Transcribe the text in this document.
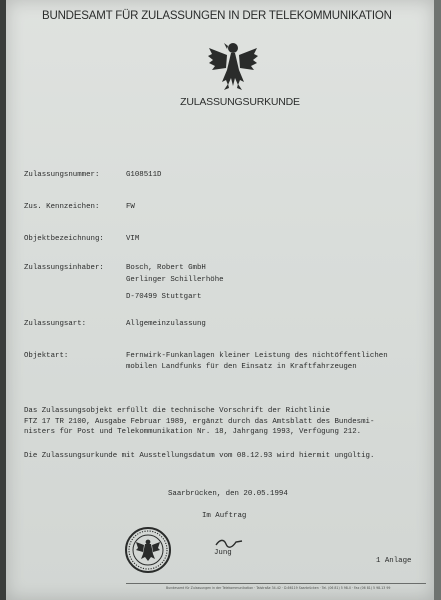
BUNDESAMT FÜR ZULASSUNGEN IN DER TELEKOMMUNIKATION
ZULASSUNGSURKUNDE
Zulassungsnummer:	G108511D
Zus. Kennzeichen:	FW
Objektbezeichnung:	VIM
Zulassungsinhaber:	Bosch, Robert GmbH
Gerlinger Schillerhöhe
D-70499 Stuttgart
Zulassungsart:	Allgemeinzulassung
Objektart:	Fernwirk-Funkanlagen kleiner Leistung des nichtöffentlichen
mobilen Landfunks für den Einsatz in Kraftfahrzeugen
Das Zulassungsobjekt erfüllt die technische Vorschrift der Richtlinie
FTZ 17 TR 2100, Ausgabe Februar 1989, ergänzt durch das Amtsblatt des Bundesmi-
nisters für Post und Telekommunikation Nr. 18, Jahrgang 1993, Verfügung 212.
Die Zulassungsurkunde mit Ausstellungsdatum vom 08.12.93 wird hiermit ungültig.
Saarbrücken, den 20.05.1994
Im Auftrag
Jung
1 Anlage
Bundesamt für Zulassungen in der Telekommunikation · Talstraße 34-42 · D-66119 Saarbrücken · Tel. (06 81) 5 98-0 · Fax (06 81) 5 98-13 99
